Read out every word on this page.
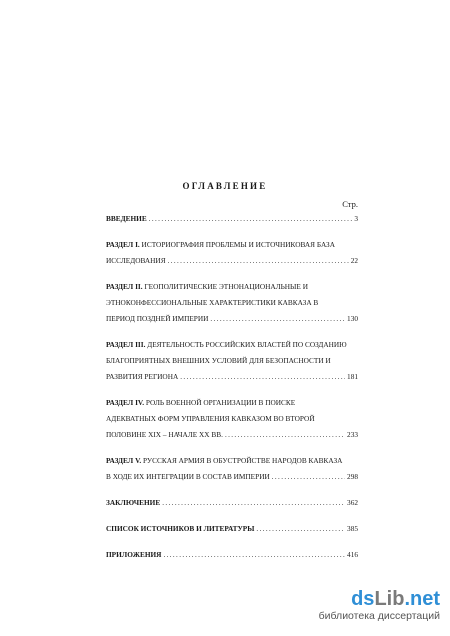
ОГЛАВЛЕНИЕ
Стр.
ВВЕДЕНИЕ .....	3
РАЗДЕЛ I. ИСТОРИОГРАФИЯ ПРОБЛЕМЫ И ИСТОЧНИКОВАЯ БАЗА
ИССЛЕДОВАНИЯ .....	22
РАЗДЕЛ II. ГЕОПОЛИТИЧЕСКИЕ ЭТНОНАЦИОНАЛЬНЫЕ И
ЭТНОКОНФЕССИОНАЛЬНЫЕ ХАРАКТЕРИСТИКИ КАВКАЗА В
ПЕРИОД ПОЗДНЕЙ ИМПЕРИИ .....	130
РАЗДЕЛ III. ДЕЯТЕЛЬНОСТЬ РОССИЙСКИХ ВЛАСТЕЙ ПО СОЗДАНИЮ
БЛАГОПРИЯТНЫХ ВНЕШНИХ УСЛОВИЙ ДЛЯ БЕЗОПАСНОСТИ И
РАЗВИТИЯ РЕГИОНА .....	181
РАЗДЕЛ IV. РОЛЬ ВОЕННОЙ ОРГАНИЗАЦИИ В ПОИСКЕ
АДЕКВАТНЫХ ФОРМ УПРАВЛЕНИЯ КАВКАЗОМ ВО ВТОРОЙ
ПОЛОВИНЕ XIX – НАЧАЛЕ XX ВВ. .....	233
РАЗДЕЛ V. РУССКАЯ АРМИЯ В ОБУСТРОЙСТВЕ НАРОДОВ КАВКАЗА
В ХОДЕ ИХ ИНТЕГРАЦИИ В СОСТАВ ИМПЕРИИ .....	298
ЗАКЛЮЧЕНИЕ .....	362
СПИСОК ИСТОЧНИКОВ И ЛИТЕРАТУРЫ .....	385
ПРИЛОЖЕНИЯ .....	416
dsLib.net
библиотека диссертаций
